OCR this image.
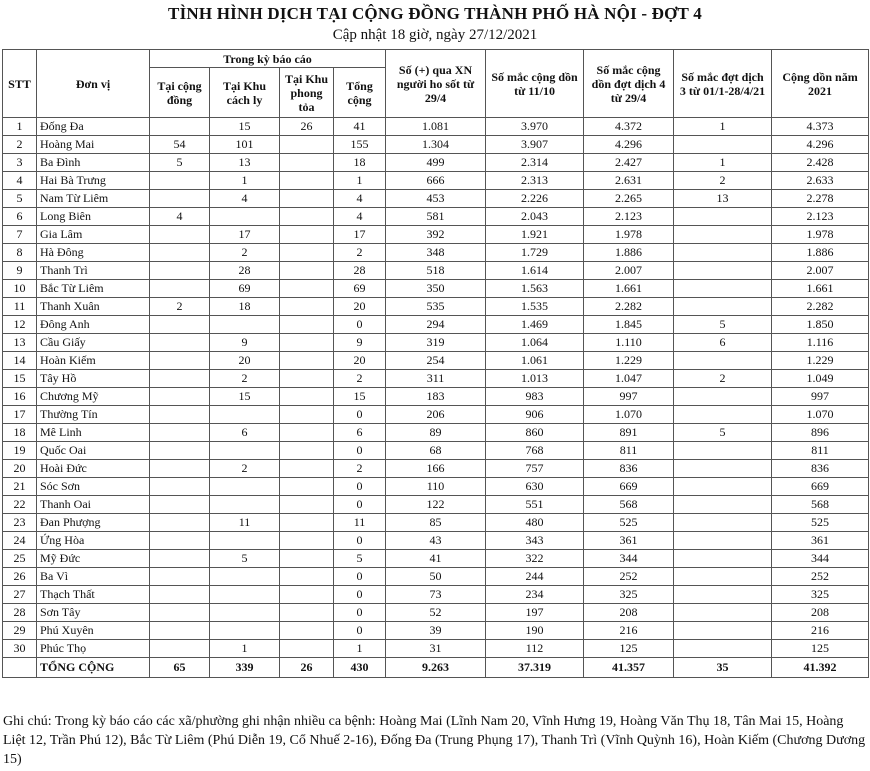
TÌNH HÌNH DỊCH TẠI CỘNG ĐỒNG THÀNH PHỐ HÀ NỘI - ĐỢT 4
Cập nhật 18 giờ, ngày 27/12/2021
STT	Đơn vị	Trong kỳ báo cáo				Số (+) qua XN người ho sốt từ 29/4	Số mắc cộng dồn từ 11/10	Số mắc cộng dồn đợt dịch 4 từ 29/4	Số mắc đợt dịch 3 từ 01/1-28/4/21	Cộng dồn năm 2021
		Tại cộng đồng	Tại Khu cách ly	Tại Khu phong tỏa	Tổng cộng					
1	Đống Đa		15	26	41	1.081	3.970	4.372	1	4.373
2	Hoàng Mai	54	101		155	1.304	3.907	4.296		4.296
3	Ba Đình	5	13		18	499	2.314	2.427	1	2.428
4	Hai Bà Trưng		1		1	666	2.313	2.631	2	2.633
5	Nam Từ Liêm		4		4	453	2.226	2.265	13	2.278
6	Long Biên	4			4	581	2.043	2.123		2.123
7	Gia Lâm		17		17	392	1.921	1.978		1.978
8	Hà Đông		2		2	348	1.729	1.886		1.886
9	Thanh Trì		28		28	518	1.614	2.007		2.007
10	Bắc Từ Liêm		69		69	350	1.563	1.661		1.661
11	Thanh Xuân	2	18		20	535	1.535	2.282		2.282
12	Đông Anh				0	294	1.469	1.845	5	1.850
13	Cầu Giấy		9		9	319	1.064	1.110	6	1.116
14	Hoàn Kiếm		20		20	254	1.061	1.229		1.229
15	Tây Hồ		2		2	311	1.013	1.047	2	1.049
16	Chương Mỹ		15		15	183	983	997		997
17	Thường Tín				0	206	906	1.070		1.070
18	Mê Linh		6		6	89	860	891	5	896
19	Quốc Oai				0	68	768	811		811
20	Hoài Đức		2		2	166	757	836		836
21	Sóc Sơn				0	110	630	669		669
22	Thanh Oai				0	122	551	568		568
23	Đan Phượng		11		11	85	480	525		525
24	Ứng Hòa				0	43	343	361		361
25	Mỹ Đức		5		5	41	322	344		344
26	Ba Vì				0	50	244	252		252
27	Thạch Thất				0	73	234	325		325
28	Sơn Tây				0	52	197	208		208
29	Phú Xuyên				0	39	190	216		216
30	Phúc Thọ		1		1	31	112	125		125
	TỔNG CỘNG	65	339	26	430	9.263	37.319	41.357	35	41.392
Ghi chú: Trong kỳ báo cáo các xã/phường ghi nhận nhiều ca bệnh: Hoàng Mai (Lĩnh Nam 20, Vĩnh Hưng 19, Hoàng Văn Thụ 18, Tân Mai 15, Hoàng Liệt 12, Trần Phú 12), Bắc Từ Liêm (Phú Diễn 19, Cổ Nhuế 2-16), Đống Đa (Trung Phụng 17), Thanh Trì (Vĩnh Quỳnh 16), Hoàn Kiếm (Chương Dương 15)
